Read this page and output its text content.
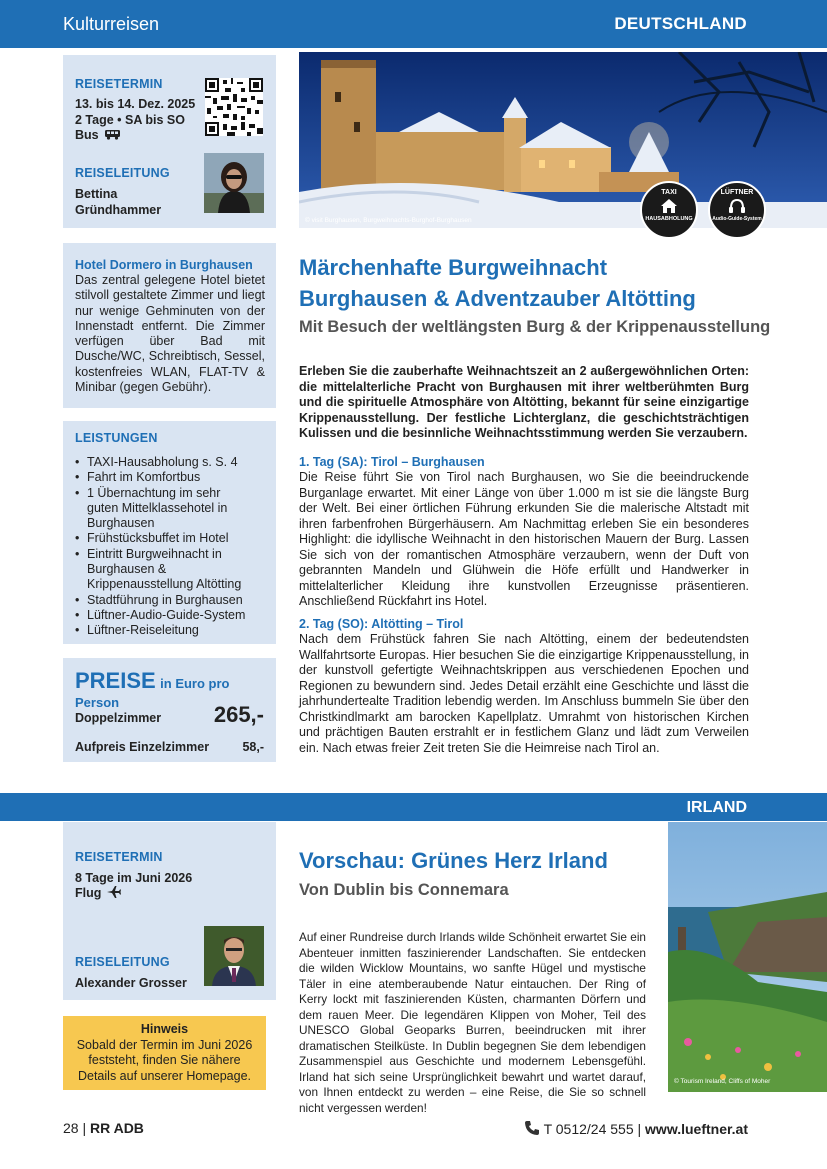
Kulturreisen	DEUTSCHLAND
REISETERMIN
13. bis 14. Dez. 2025
2 Tage • SA bis SO
Bus
REISELEITUNG
Bettina
Gründhammer
Hotel Dormero in Burghausen
Das zentral gelegene Hotel bietet stilvoll gestaltete Zimmer und liegt nur wenige Gehminuten von der Innenstadt entfernt. Die Zimmer verfügen über Bad mit Dusche/WC, Schreibtisch, Sessel, kostenfreies WLAN, FLAT-TV & Minibar (gegen Gebühr).
LEISTUNGEN
• TAXI-Hausabholung s. S. 4
• Fahrt im Komfortbus
• 1 Übernachtung im sehr guten Mittelklassehotel in Burghausen
• Frühstücksbuffet im Hotel
• Eintritt Burgweihnacht in Burghausen & Krippenausstellung Altötting
• Stadtführung in Burghausen
• Lüftner-Audio-Guide-System
• Lüftner-Reiseleitung
PREISE in Euro pro Person
Doppelzimmer 265,-
Aufpreis Einzelzimmer	58,-
© visit Burghausen, Burgweihnachts-Burghof-Burghausen
TAXI
HAUSABHOLUNG
LÜFTNER
Audio-Guide-System
Märchenhafte Burgweihnacht
Burghausen & Adventzauber Altötting
Mit Besuch der weltlängsten Burg & der Krippenausstellung
Erleben Sie die zauberhafte Weihnachtszeit an 2 außergewöhnlichen Orten: die mittelalterliche Pracht von Burghausen mit ihrer weltberühmten Burg und die spirituelle Atmosphäre von Altötting, bekannt für seine einzigartige Krippenausstellung. Der festliche Lichterglanz, die geschichtsträchtigen Kulissen und die besinnliche Weihnachtsstimmung werden Sie verzaubern.
1. Tag (SA): Tirol – Burghausen
Die Reise führt Sie von Tirol nach Burghausen, wo Sie die beeindruckende Burganlage erwartet. Mit einer Länge von über 1.000 m ist sie die längste Burg der Welt. Bei einer örtlichen Führung erkunden Sie die malerische Altstadt mit ihren farbenfrohen Bürgerhäusern. Am Nachmittag erleben Sie ein besonderes Highlight: die idyllische Weihnacht in den historischen Mauern der Burg. Lassen Sie sich von der romantischen Atmosphäre verzaubern, wenn der Duft von gebrannten Mandeln und Glühwein die Höfe erfüllt und Handwerker in mittelalterlicher Kleidung ihre kunstvollen Erzeugnisse präsentieren. Anschließend Rückfahrt ins Hotel.
2. Tag (SO): Altötting – Tirol
Nach dem Frühstück fahren Sie nach Altötting, einem der bedeutendsten Wallfahrtsorte Europas. Hier besuchen Sie die einzigartige Krippenausstellung, in der kunstvoll gefertigte Weihnachtskrippen aus verschiedenen Epochen und Regionen zu bewundern sind. Jedes Detail erzählt eine Geschichte und lässt die jahrhundertealte Tradition lebendig werden. Im Anschluss bummeln Sie über den Christkindlmarkt am barocken Kapellplatz. Umrahmt von historischen Kirchen und prächtigen Bauten erstrahlt er in festlichem Glanz und lädt zum Verweilen ein. Nach etwas freier Zeit treten Sie die Heimreise nach Tirol an.
IRLAND
REISETERMIN
8 Tage im Juni 2026
Flug
REISELEITUNG
Alexander Grosser
Hinweis
Sobald der Termin im Juni 2026 feststeht, finden Sie nähere Details auf unserer Homepage.
Vorschau: Grünes Herz Irland
Von Dublin bis Connemara
Auf einer Rundreise durch Irlands wilde Schönheit erwartet Sie ein Abenteuer inmitten faszinierender Landschaften. Sie entdecken die wilden Wicklow Mountains, wo sanfte Hügel und mystische Täler in eine atemberaubende Natur eintauchen. Der Ring of Kerry lockt mit faszinierenden Küsten, charmanten Dörfern und dem rauen Meer. Die legendären Klippen von Moher, Teil des UNESCO Global Geoparks Burren, beeindrucken mit ihrer dramatischen Steilküste. In Dublin begegnen Sie dem lebendigen Zusammenspiel aus Geschichte und modernem Lebensgefühl. Irland hat sich seine Ursprünglichkeit bewahrt und wartet darauf, von Ihnen entdeckt zu werden – eine Reise, die Sie so schnell nicht vergessen werden!
© Tourism Ireland, Cliffs of Moher
28 | RR ADB	T 0512/24 555 | www.lueftner.at
